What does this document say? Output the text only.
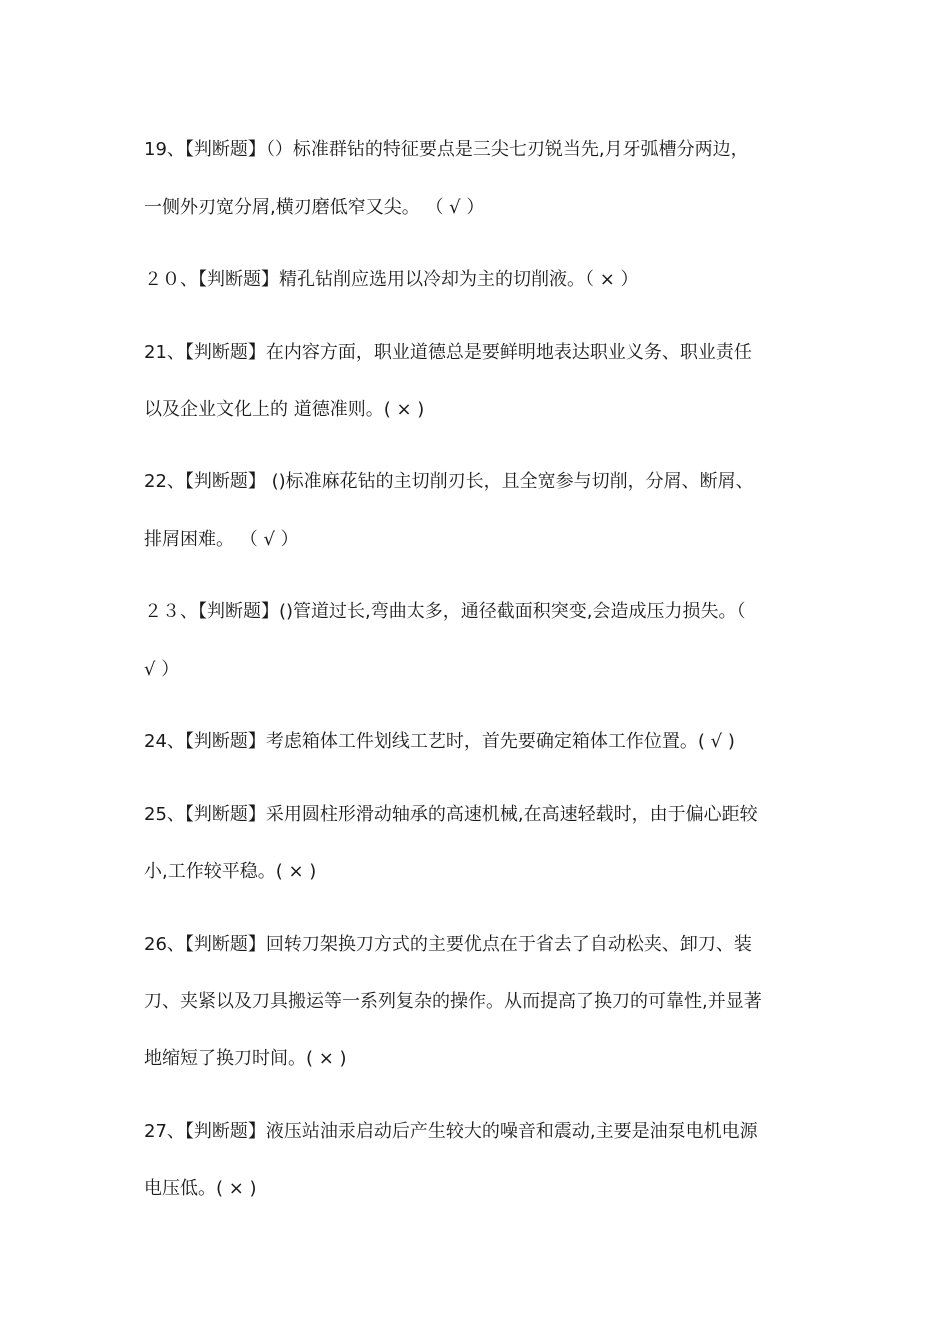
19、【判断题】（）标准群钻的特征要点是三尖七刃锐当先,月牙弧槽分两边，
一侧外刃宽分屑,横刃磨低窄又尖。 （ √ ）
２０、【判断题】精孔钻削应选用以冷却为主的切削液。（ × ）
21、【判断题】在内容方面，职业道德总是要鲜明地表达职业义务、职业责任
以及企业文化上的 道德准则。( × )
22、【判断题】 ()标准麻花钻的主切削刃长，且全宽参与切削，分屑、断屑、
排屑困难。 （ √ ）
２３、【判断题】()管道过长,弯曲太多，通径截面积突变,会造成压力损失。（
√ ）
24、【判断题】考虑箱体工件划线工艺时，首先要确定箱体工作位置。( √ )
25、【判断题】采用圆柱形滑动轴承的高速机械,在高速轻载时，由于偏心距较
小,工作较平稳。( × )
26、【判断题】回转刀架换刀方式的主要优点在于省去了自动松夹、卸刀、装
刀、夹紧以及刀具搬运等一系列复杂的操作。从而提高了换刀的可靠性,并显著
地缩短了换刀时间。( × )
27、【判断题】液压站油汞启动后产生较大的噪音和震动,主要是油泵电机电源
电压低。( × )
